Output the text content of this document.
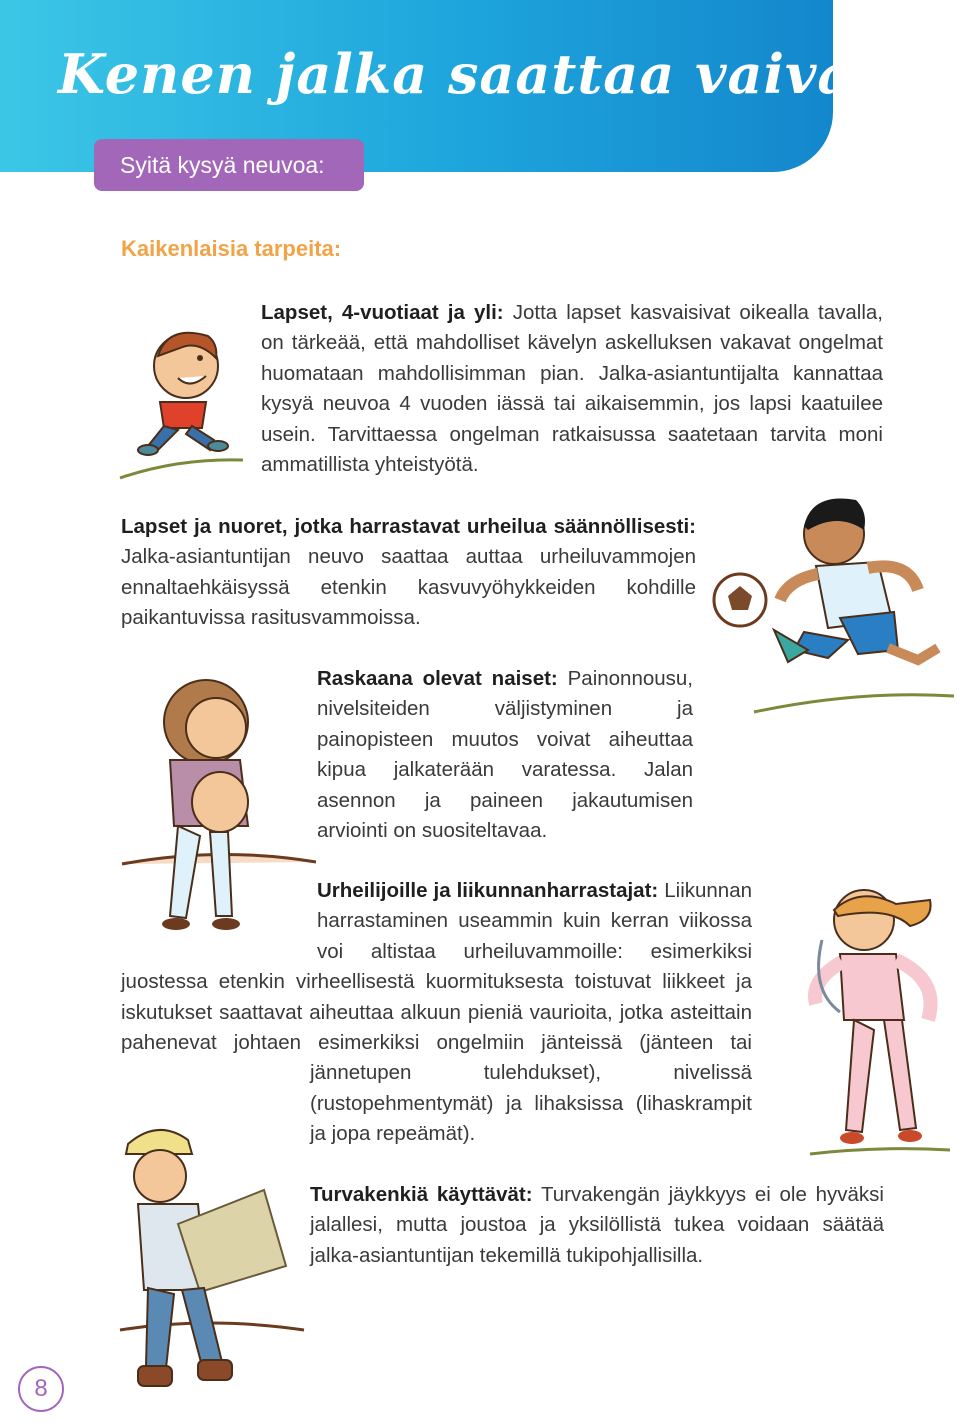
Kenen jalka saattaa vaivata?
Syitä kysyä neuvoa:
Kaikenlaisia tarpeita:

Lapset, 4-vuotiaat ja yli: Jotta lapset kasvaisivat oikealla tavalla, on tärkeää, että mahdolliset kävelyn askelluksen vakavat ongelmat huomataan mahdollisimman pian. Jalka-asiantuntijalta kannattaa kysyä neuvoa 4 vuoden iässä tai aikaisemmin, jos lapsi kaatuilee usein. Tarvittaessa ongelman ratkaisussa saatetaan tarvita moni ammatillista yhteistyötä.

Lapset ja nuoret, jotka harrastavat urheilua säännöllisesti: Jalka-asiantuntijan neuvo saattaa auttaa urheiluvammojen ennaltaehkäisyssä etenkin kasvuvyöhykkeiden kohdille paikantuvissa rasitusvammoissa.

Raskaana olevat naiset: Painonnousu, nivelsiteiden väljistyminen ja painopisteen muutos voivat aiheuttaa kipua jalkaterään varatessa. Jalan asennon ja paineen jakautumisen arviointi on suositeltavaa.

Urheilijoille ja liikunnanharrastajat: Liikunnan harrastaminen useammin kuin kerran viikossa voi altistaa urheiluvammoille: esimerkiksi juostessa etenkin virheellisestä kuormituksesta toistuvat liikkeet ja iskutukset saattavat aiheuttaa alkuun pieniä vaurioita, jotka asteittain pahenevat johtaen esimerkiksi ongelmiin jänteissä (jänteen tai jännetupen tulehdukset), nivelissä (rustopehmentymät) ja lihaksissa (lihaskrampit ja jopa repeämät).

Turvakenkiä käyttävät: Turvakengän jäykkyys ei ole hyväksi jalallesi, mutta joustoa ja yksilöllistä tukea voidaan säätää jalka-asiantuntijan tekemillä tukipohjallisilla.

8
